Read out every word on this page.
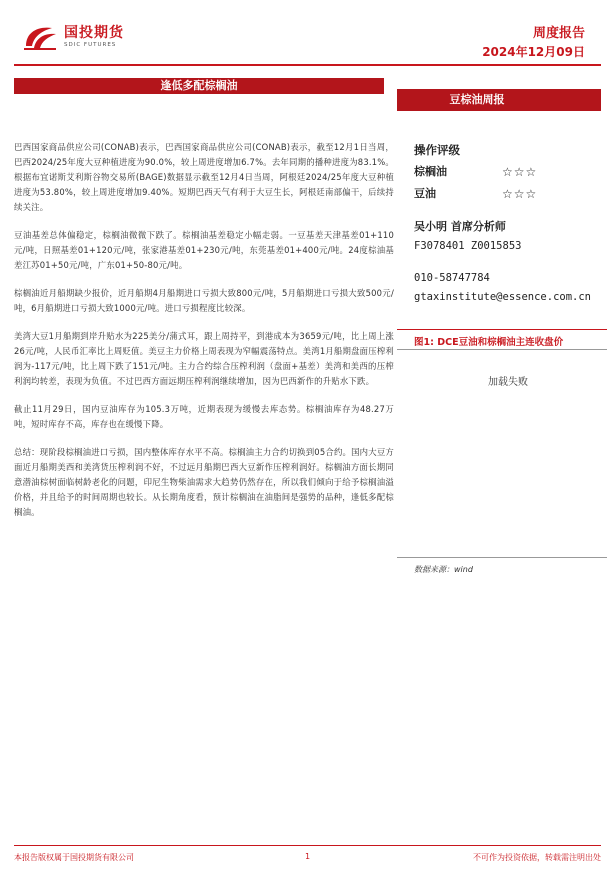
国投期货
SDIC FUTURES
周度报告
2024年12月09日
逢低多配棕榈油
豆棕油周报

巴西国家商品供应公司(CONAB)表示，巴西国家商品供应公司(CONAB)表示，截至12月1日当周，巴西2024/25年度大豆种植进度为90.0%，较上周进度增加6.7%。去年同期的播种进度为83.1%。根据布宜诺斯艾利斯谷物交易所(BAGE)数据显示截至12月4日当周，阿根廷2024/25年度大豆种植进度为53.80%，较上周进度增加9.40%。短期巴西天气有利于大豆生长，阿根廷南部偏干，后续持续关注。

豆油基差总体偏稳定，棕榈油微微下跌了。棕榈油基差稳定小幅走弱。一豆基差天津基差01+110元/吨，日照基差01+120元/吨，张家港基差01+230元/吨，东莞基差01+400元/吨。24度棕油基差江苏01+50元/吨，广东01+50-80元/吨。

棕榈油近月船期缺少报价，近月船期4月船期进口亏损大致800元/吨，5月船期进口亏损大致500元/吨，6月船期进口亏损大致1000元/吨。进口亏损程度比较深。

美湾大豆1月船期到岸升贴水为225美分/蒲式耳，跟上周持平，到港成本为3659元/吨，比上周上涨26元/吨，人民币汇率比上周贬值。美豆主力价格上周表现为窄幅震荡特点。美湾1月船期盘面压榨利润为-117元/吨，比上周下跌了151元/吨。主力合约综合压榨利润（盘面+基差）美湾和美西的压榨利润均转差，表现为负值。不过巴西方面远期压榨利润继续增加，因为巴西新作的升贴水下跌。

截止11月29日，国内豆油库存为105.3万吨，近期表现为缓慢去库态势。棕榈油库存为48.27万吨，短时库存不高，库存也在缓慢下降。

总结：现阶段棕榈油进口亏损，国内整体库存水平不高。棕榈油主力合约切换到05合约。国内大豆方面近月船期美西和美湾货压榨利润不好，不过远月船期巴西大豆新作压榨利润好。棕榈油方面长期同意潜油棕树面临树龄老化的问题，印尼生物柴油需求大趋势仍然存在，所以我们倾向于给予棕榈油溢价格，并且给予的时间周期也较长。从长期角度看，预计棕榈油在油脂间是强势的品种，逢低多配棕榈油。

操作评级
棕榈油	☆☆☆
豆油	☆☆☆
吴小明 首席分析师
F3078401 Z0015853
010-58747784
gtaxinstitute@essence.com.cn
图1: DCE豆油和棕榈油主连收盘价
加载失败
数据来源：wind
本报告版权属于国投期货有限公司	1	不可作为投资依据，转载需注明出处
